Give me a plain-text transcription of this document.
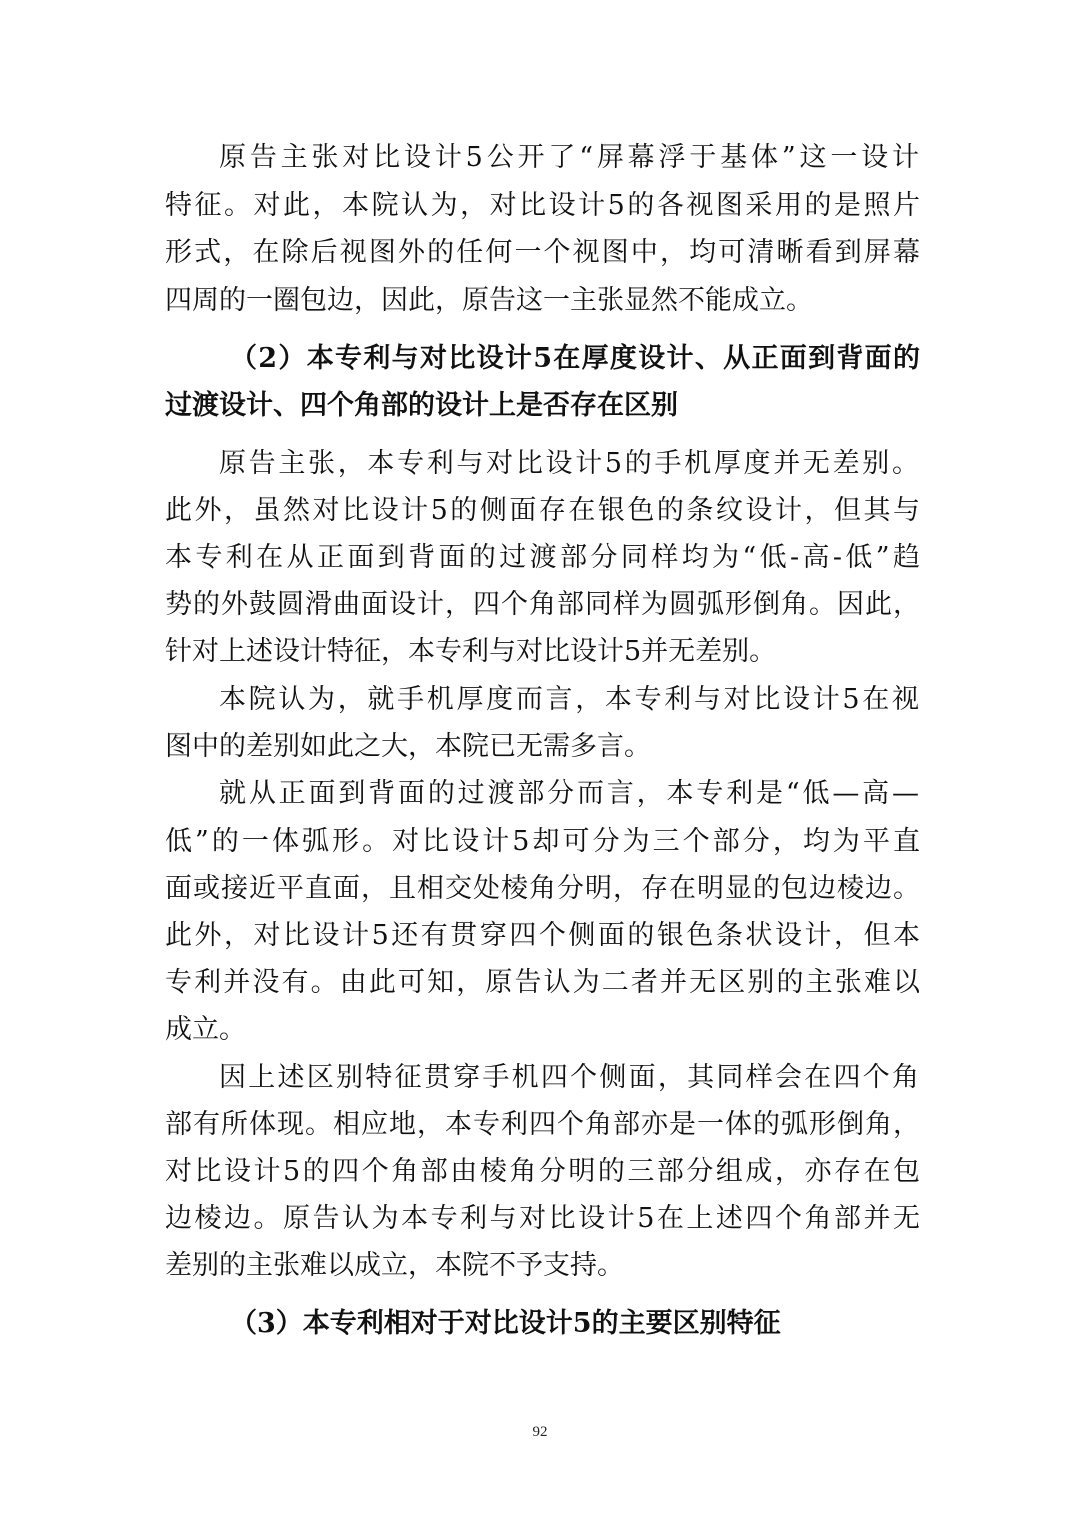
原告主张对比设计5公开了“屏幕浮于基体”这一设计
特征。对此，本院认为，对比设计5的各视图采用的是照片
形式，在除后视图外的任何一个视图中，均可清晰看到屏幕
四周的一圈包边，因此，原告这一主张显然不能成立。
（2）本专利与对比设计5在厚度设计、从正面到背面的
过渡设计、四个角部的设计上是否存在区别
原告主张，本专利与对比设计5的手机厚度并无差别。
此外，虽然对比设计5的侧面存在银色的条纹设计，但其与
本专利在从正面到背面的过渡部分同样均为“低-高-低”趋
势的外鼓圆滑曲面设计，四个角部同样为圆弧形倒角。因此，
针对上述设计特征，本专利与对比设计5并无差别。
本院认为，就手机厚度而言，本专利与对比设计5在视
图中的差别如此之大，本院已无需多言。
就从正面到背面的过渡部分而言，本专利是“低—高—
低”的一体弧形。对比设计5却可分为三个部分，均为平直
面或接近平直面，且相交处棱角分明，存在明显的包边棱边。
此外，对比设计5还有贯穿四个侧面的银色条状设计，但本
专利并没有。由此可知，原告认为二者并无区别的主张难以
成立。
因上述区别特征贯穿手机四个侧面，其同样会在四个角
部有所体现。相应地，本专利四个角部亦是一体的弧形倒角，
对比设计5的四个角部由棱角分明的三部分组成，亦存在包
边棱边。原告认为本专利与对比设计5在上述四个角部并无
差别的主张难以成立，本院不予支持。
（3）本专利相对于对比设计5的主要区别特征
92
